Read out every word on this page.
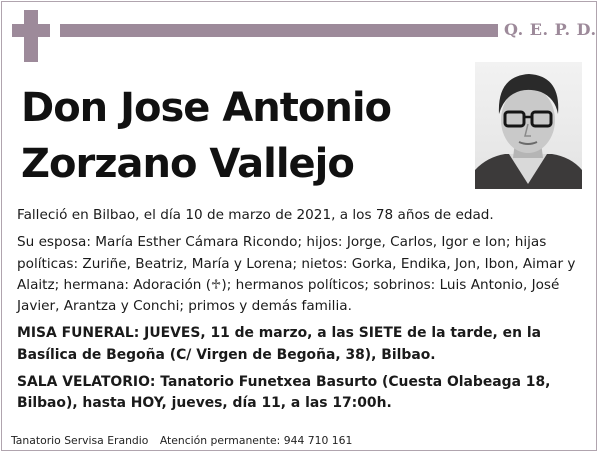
Q. E. P. D.
Don Jose Antonio
Zorzano Vallejo

Falleció en Bilbao, el día 10 de marzo de 2021, a los 78 años de edad.

Su esposa: María Esther Cámara Ricondo; hijos: Jorge, Carlos, Igor e Ion; hijas políticas: Zuriñe, Beatriz, María y Lorena; nietos: Gorka, Endika, Jon, Ibon, Aimar y Alaitz; hermana: Adoración (♱); hermanos políticos; sobrinos: Luis Antonio, José Javier, Arantza y Conchi; primos y demás familia.

MISA FUNERAL: JUEVES, 11 de marzo, a las SIETE de la tarde, en la Basílica de Begoña (C/ Virgen de Begoña, 38), Bilbao.

SALA VELATORIO: Tanatorio Funetxea Basurto (Cuesta Olabeaga 18, Bilbao), hasta HOY, jueves, día 11, a las 17:00h.

Tanatorio Servisa Erandio Atención permanente: 944 710 161
